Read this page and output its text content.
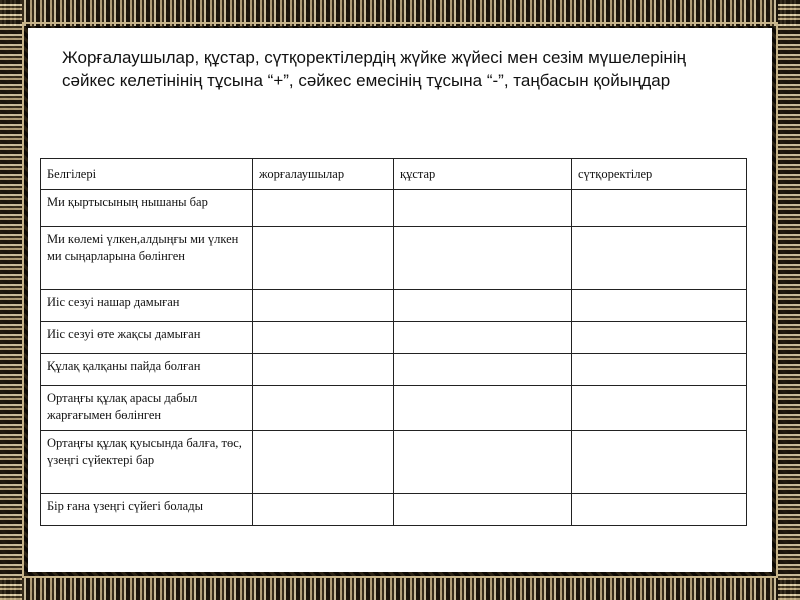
Жорғалаушылар, құстар, сүтқоректілердің жүйке жүйесі мен сезім мүшелерінің сәйкес келетінінің тұсына “+”, сәйкес емесінің тұсына “-”, таңбасын қойыңдар
Белгілері	жорғалаушылар	құстар	сүтқоректілер
Ми қыртысының нышаны бар			
Ми көлемі үлкен,алдыңғы ми үлкен ми сыңарларына бөлінген			
Иіс сезуі нашар дамыған			
Иіс сезуі өте жақсы дамыған			
Құлақ қалқаны пайда болған			
Ортаңғы құлақ арасы дабыл жарғағымен бөлінген			
Ортаңғы құлақ қуысында балға, төс, үзеңгі сүйектері бар			
Бір ғана үзеңгі сүйегі болады			
